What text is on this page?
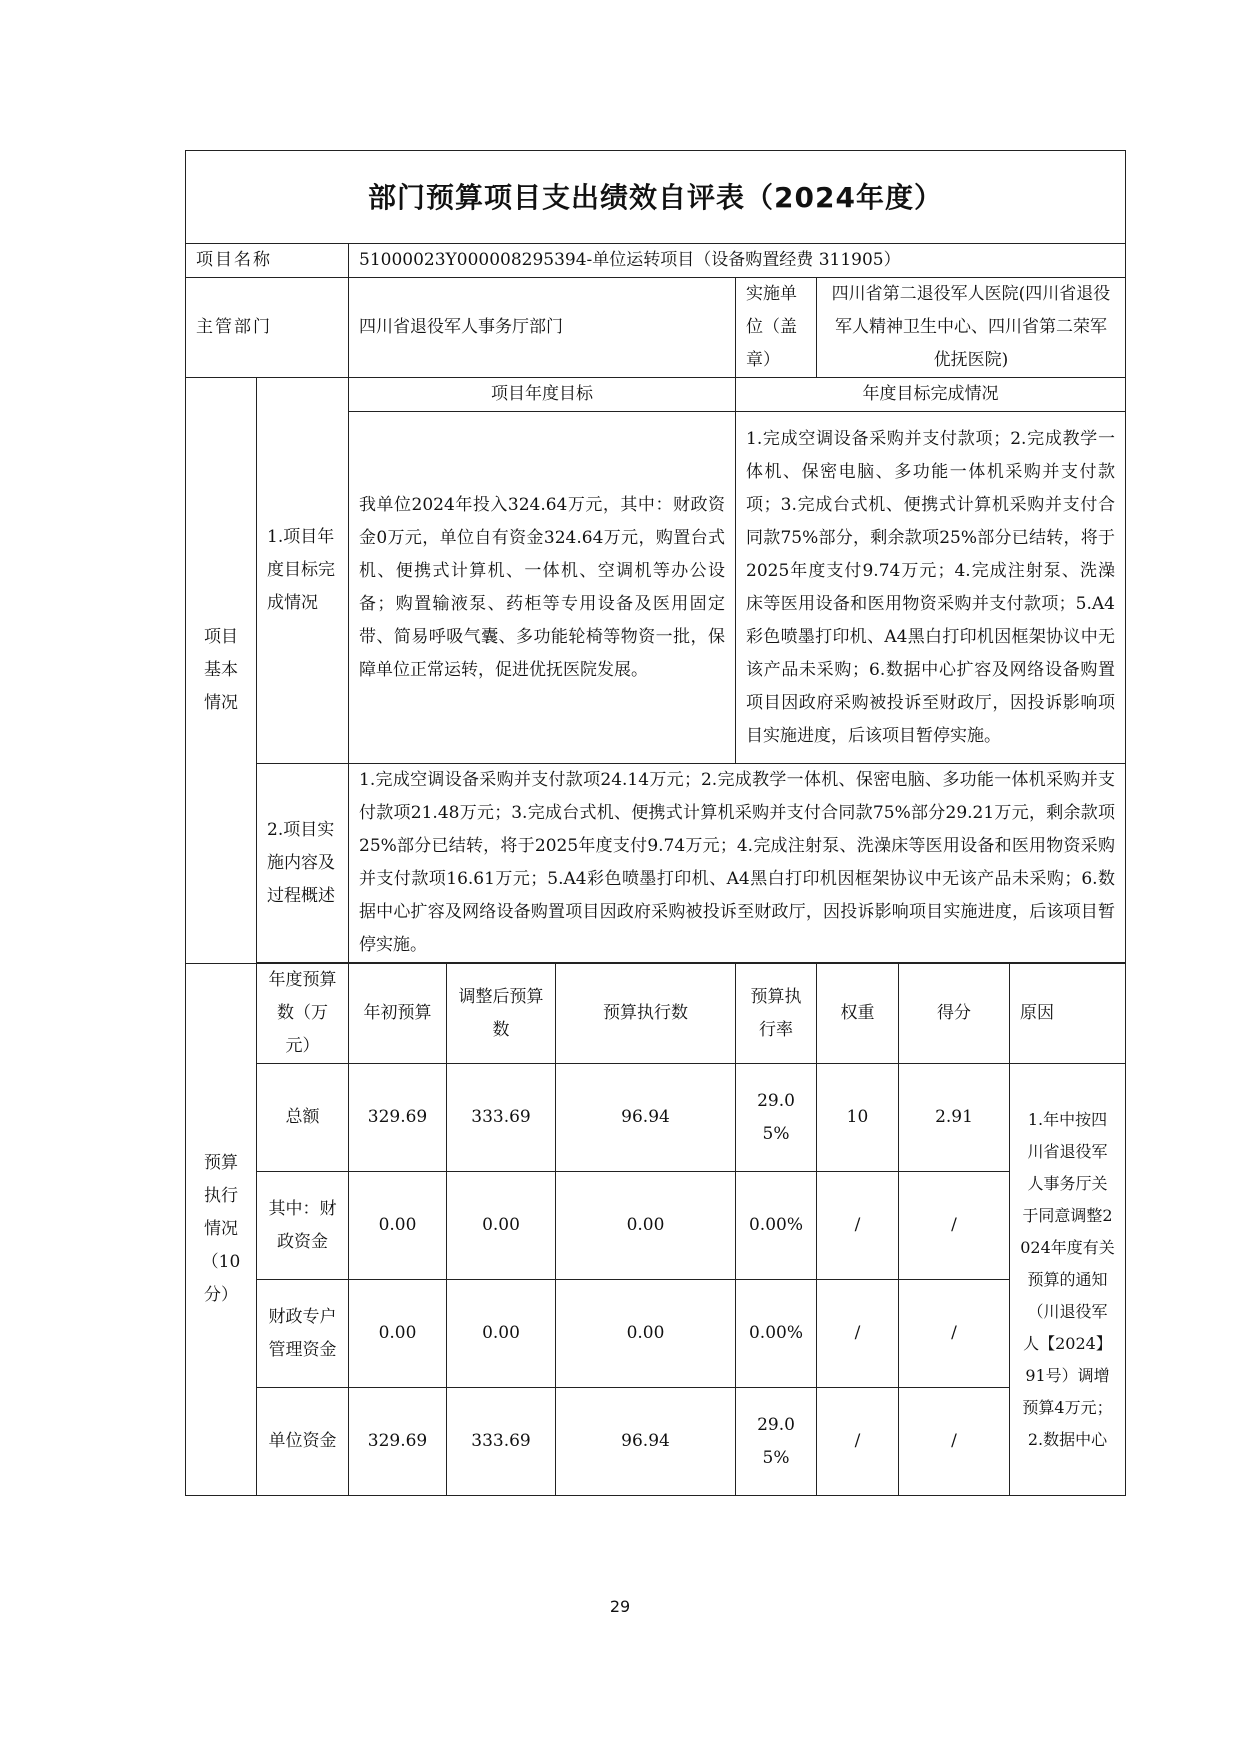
部门预算项目支出绩效自评表（2024年度）								
项目名称		51000023Y000008295394-单位运转项目（设备购置经费 311905）						
主管部门		四川省退役军人事务厅部门			实施单位（盖章）	四川省第二退役军人医院(四川省退役军人精神卫生中心、四川省第二荣军优抚医院)		
项目基本情况	1.项目年度目标完成情况	项目年度目标			年度目标完成情况			
		我单位2024年投入324.64万元，其中：财政资金0万元，单位自有资金324.64万元，购置台式机、便携式计算机、一体机、空调机等办公设备；购置输液泵、药柜等专用设备及医用固定带、简易呼吸气囊、多功能轮椅等物资一批，保障单位正常运转，促进优抚医院发展。			1.完成空调设备采购并支付款项；2.完成教学一体机、保密电脑、多功能一体机采购并支付款项；3.完成台式机、便携式计算机采购并支付合同款75%部分，剩余款项25%部分已结转，将于2025年度支付9.74万元；4.完成注射泵、洗澡床等医用设备和医用物资采购并支付款项；5.A4彩色喷墨打印机、A4黑白打印机因框架协议中无该产品未采购；6.数据中心扩容及网络设备购置项目因政府采购被投诉至财政厅，因投诉影响项目实施进度，后该项目暂停实施。			
	2.项目实施内容及过程概述	1.完成空调设备采购并支付款项24.14万元；2.完成教学一体机、保密电脑、多功能一体机采购并支付款项21.48万元；3.完成台式机、便携式计算机采购并支付合同款75%部分29.21万元，剩余款项25%部分已结转，将于2025年度支付9.74万元；4.完成注射泵、洗澡床等医用设备和医用物资采购并支付款项16.61万元；5.A4彩色喷墨打印机、A4黑白打印机因框架协议中无该产品未采购；6.数据中心扩容及网络设备购置项目因政府采购被投诉至财政厅，因投诉影响项目实施进度，后该项目暂停实施。						

预算执行情况（10分）	年度预算数（万元）	年初预算	调整后预算数	预算执行数	预算执行率	权重	得分	原因
	总额	329.69	333.69	96.94	29.05%	10	2.91	1.年中按四川省退役军人事务厅关于同意调整2024年度有关预算的通知（川退役军人【2024】91号）调增预算4万元；2.数据中心
	其中：财政资金	0.00	0.00	0.00	0.00%	/	/	
	财政专户管理资金	0.00	0.00	0.00	0.00%	/	/	
	单位资金	329.69	333.69	96.94	29.05%	/	/	
29
